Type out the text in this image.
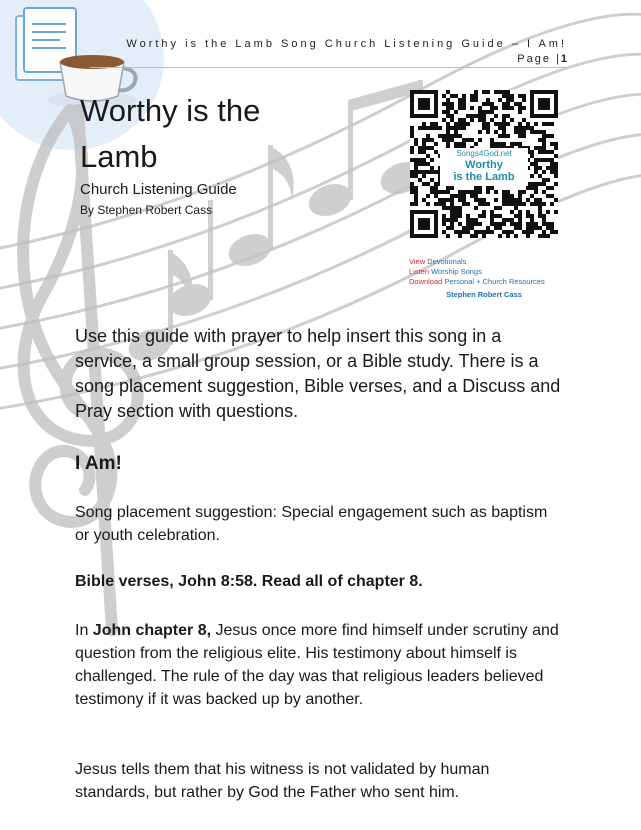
Worthy is the Lamb Song Church Listening Guide – I Am!
Page |1
Worthy is the
Lamb
Church Listening Guide
By Stephen Robert Cass
Songs4God.net
Worthy
is the Lamb
View Devotionals
Listen Worship Songs
Download Personal + Church Resources
Stephen Robert Cass

Use this guide with prayer to help insert this song in a service, a small group session, or a Bible study. There is a song placement suggestion, Bible verses, and a Discuss and Pray section with questions.

I Am!

Song placement suggestion: Special engagement such as baptism or youth celebration.

Bible verses, John 8:58. Read all of chapter 8.

In John chapter 8, Jesus once more find himself under scrutiny and question from the religious elite. His testimony about himself is challenged. The rule of the day was that religious leaders believed testimony if it was backed up by another.

Jesus tells them that his witness is not validated by human standards, but rather by God the Father who sent him.
